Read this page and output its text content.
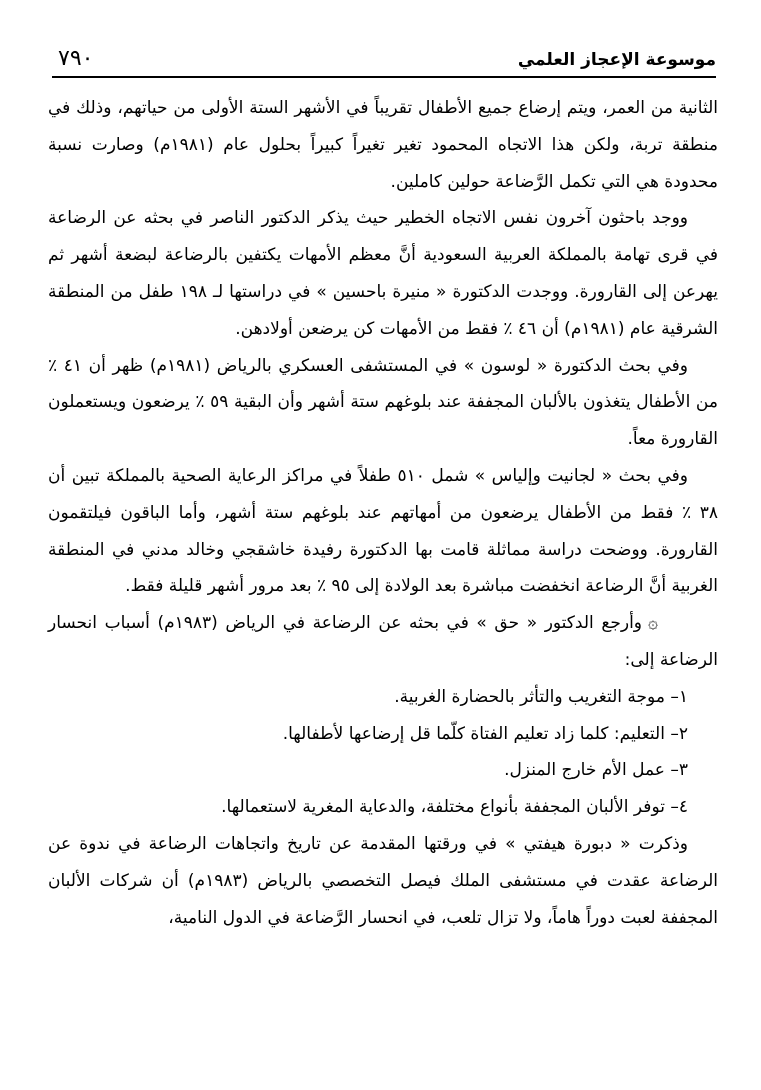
٧٩٠	موسوعة الإعجاز العلمي

الثانية من العمر، ويتم إرضاع جميع الأطفال تقريباً في الأشهر الستة الأولى من حياتهم، وذلك في منطقة تربة، ولكن هذا الاتجاه المحمود تغير تغيراً كبيراً بحلول عام (١٩٨١م) وصارت نسبة محدودة هي التي تكمل الرَّضاعة حولين كاملين.

ووجد باحثون آخرون نفس الاتجاه الخطير حيث يذكر الدكتور الناصر في بحثه عن الرضاعة في قرى تهامة بالمملكة العربية السعودية أنَّ معظم الأمهات يكتفين بالرضاعة لبضعة أشهر ثم يهرعن إلى القارورة. ووجدت الدكتورة « منيرة باحسين » في دراستها لـ ١٩٨ طفل من المنطقة الشرقية عام (١٩٨١م) أن ٤٦ ٪ فقط من الأمهات كن يرضعن أولادهن.

وفي بحث الدكتورة « لوسون » في المستشفى العسكري بالرياض (١٩٨١م) ظهر أن ٤١ ٪ من الأطفال يتغذون بالألبان المجففة عند بلوغهم ستة أشهر وأن البقية ٥٩ ٪ يرضعون ويستعملون القارورة معاً.

وفي بحث « لجانيت وإلياس » شمل ٥١٠ طفلاً في مراكز الرعاية الصحية بالمملكة تبين أن ٣٨ ٪ فقط من الأطفال يرضعون من أمهاتهم عند بلوغهم ستة أشهر، وأما الباقون فيلتقمون القارورة. ووضحت دراسة مماثلة قامت بها الدكتورة رفيدة خاشقجي وخالد مدني في المنطقة الغربية أنَّ الرضاعة انخفضت مباشرة بعد الولادة إلى ٩٥ ٪ بعد مرور أشهر قليلة فقط.

۞وأرجع الدكتور « حق » في بحثه عن الرضاعة في الرياض (١٩٨٣م) أسباب انحسار الرضاعة إلى:

١– موجة التغريب والتأثر بالحضارة الغربية.

٢– التعليم: كلما زاد تعليم الفتاة كلّما قل إرضاعها لأطفالها.

٣– عمل الأم خارج المنزل.

٤– توفر الألبان المجففة بأنواع مختلفة، والدعاية المغرية لاستعمالها.

وذكرت « دبورة هيفتي » في ورقتها المقدمة عن تاريخ واتجاهات الرضاعة في ندوة عن الرضاعة عقدت في مستشفى الملك فيصل التخصصي بالرياض (١٩٨٣م) أن شركات الألبان المجففة لعبت دوراً هاماً، ولا تزال تلعب، في انحسار الرَّضاعة في الدول النامية،
